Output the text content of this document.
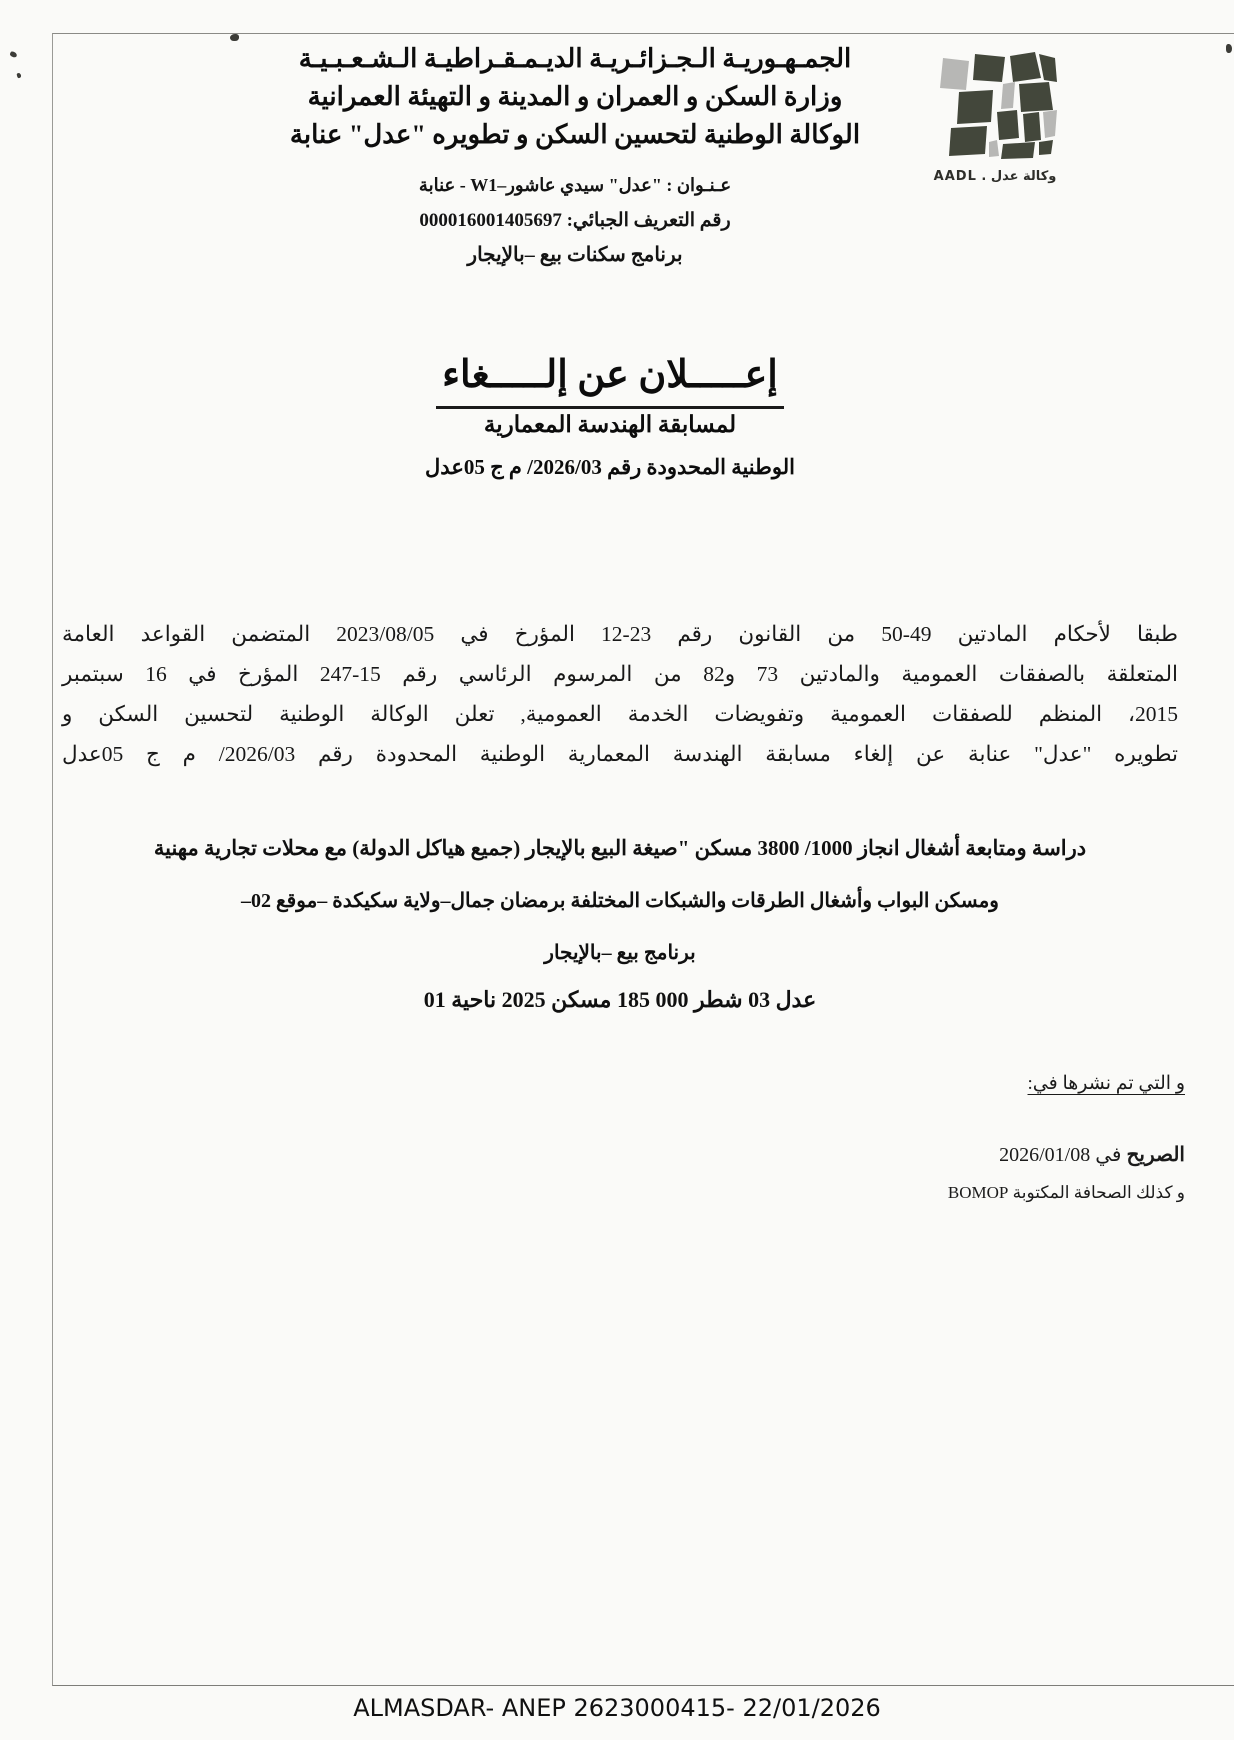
الجمـهـوريـة الـجـزائـريـة الديـمـقـراطيـة الـشـعـبـيـة
وزارة السكن و العمران و المدينة و التهيئة العمرانية
الوكالة الوطنية لتحسين السكن و تطويره "عدل" عنابة
وكالة عدل . AADL
عـنـوان : "عدل" سيدي عاشور–W1 - عنابة
رقم التعريف الجبائي: 000016001405697
برنامج سكنات بيع –بالإيجار
إعـــــلان عن إلـــــغاء
لمسابقة الهندسة المعمارية
الوطنية المحدودة رقم 2026/03/ م ج 05عدل
طبقا لأحكام المادتين 49-50 من القانون رقم 23-12 المؤرخ في 2023/08/05 المتضمن القواعد العامة
المتعلقة بالصفقات العمومية والمادتين 73 و82 من المرسوم الرئاسي رقم 15-247 المؤرخ في 16 سبتمبر
2015، المنظم للصفقات العمومية وتفويضات الخدمة العمومية, تعلن الوكالة الوطنية لتحسين السكن و
تطويره "عدل" عنابة عن إلغاء مسابقة الهندسة المعمارية الوطنية المحدودة رقم 2026/03/ م ج 05عدل
دراسة ومتابعة أشغال انجاز 1000/ 3800 مسكن "صيغة البيع بالإيجار (جميع هياكل الدولة) مع محلات تجارية مهنية
ومسكن البواب وأشغال الطرقات والشبكات المختلفة برمضان جمال–ولاية سكيكدة –موقع 02–
برنامج بيع –بالإيجار
عدل 03 شطر ⁦185 000⁩ مسكن 2025 ناحية 01
و التي تم نشرها في:
الصريح في 2026/01/08
و كذلك الصحافة المكتوبة BOMOP
ALMASDAR- ANEP 2623000415- 22/01/2026
